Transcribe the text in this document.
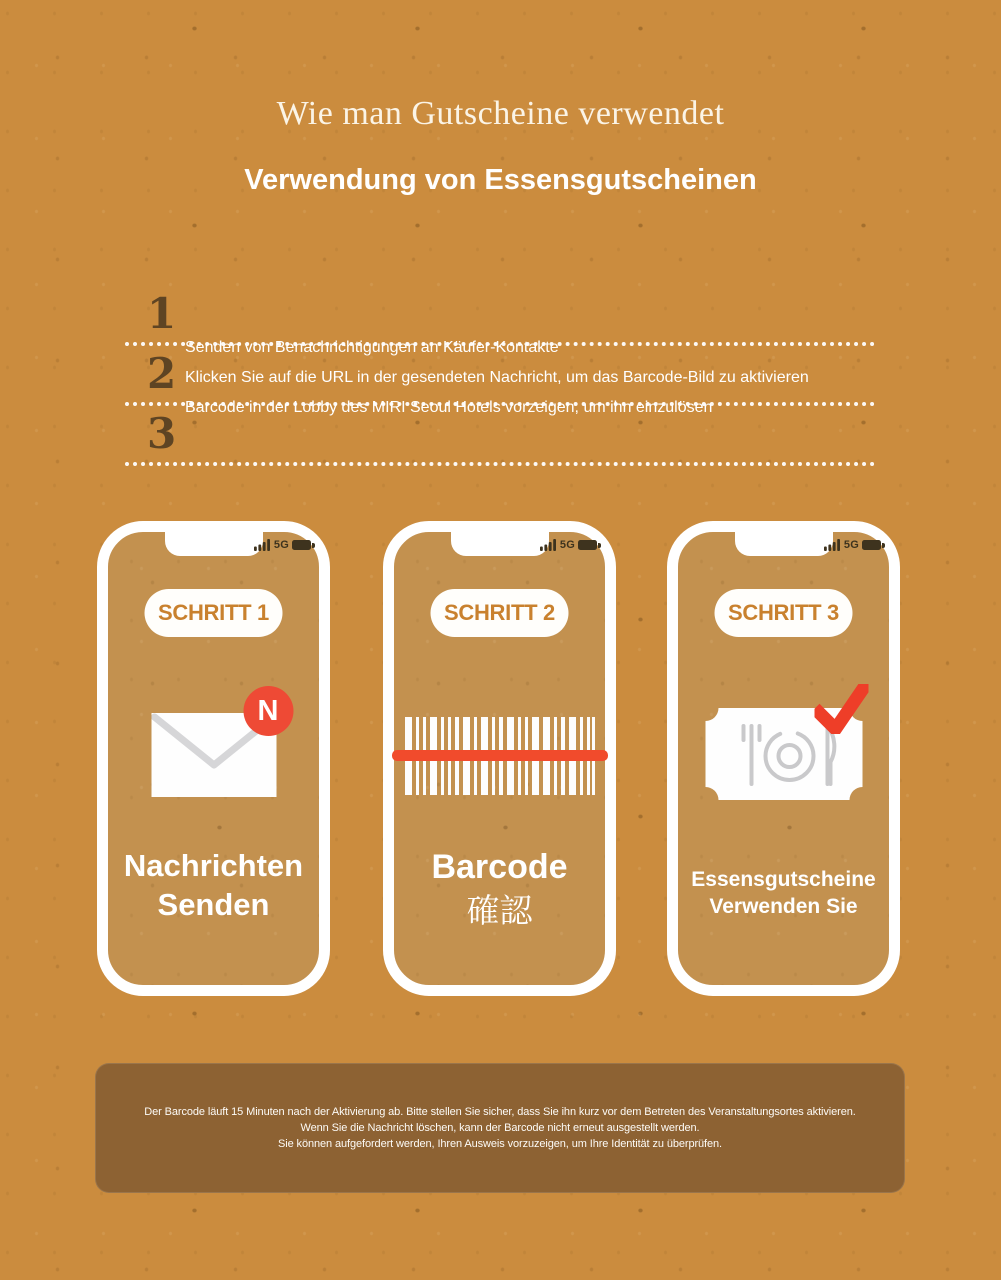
Wie man Gutscheine verwendet
Verwendung von Essensgutscheinen
1
2
3
Senden von Benachrichtigungen an Käufer-Kontakte
Klicken Sie auf die URL in der gesendeten Nachricht, um das Barcode-Bild zu aktivieren
Barcode in der Lobby des MIRI Seoul Hotels vorzeigen, um ihn einzulösen
5G
SCHRITT 1
N
Nachrichten
Senden
5G
SCHRITT 2
Barcode
確認
5G
SCHRITT 3
Essensgutscheine
Verwenden Sie
Der Barcode läuft 15 Minuten nach der Aktivierung ab. Bitte stellen Sie sicher, dass Sie ihn kurz vor dem Betreten des Veranstaltungsortes aktivieren.
Wenn Sie die Nachricht löschen, kann der Barcode nicht erneut ausgestellt werden.
Sie können aufgefordert werden, Ihren Ausweis vorzuzeigen, um Ihre Identität zu überprüfen.
